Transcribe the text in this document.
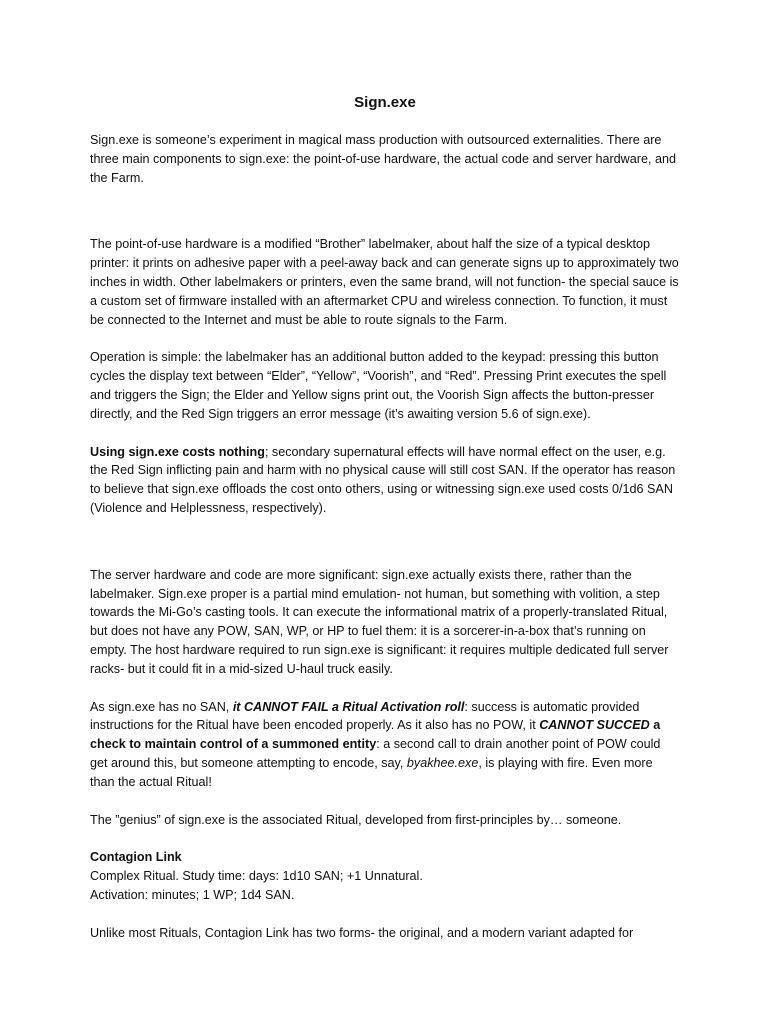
Sign.exe

Sign.exe is someone’s experiment in magical mass production with outsourced externalities. There are three main components to sign.exe: the point-of-use hardware, the actual code and server hardware, and the Farm.

The point-of-use hardware is a modified “Brother” labelmaker, about half the size of a typical desktop printer: it prints on adhesive paper with a peel-away back and can generate signs up to approximately two inches in width. Other labelmakers or printers, even the same brand, will not function- the special sauce is a custom set of firmware installed with an aftermarket CPU and wireless connection. To function, it must be connected to the Internet and must be able to route signals to the Farm.

Operation is simple: the labelmaker has an additional button added to the keypad: pressing this button cycles the display text between “Elder”, “Yellow”, “Voorish”, and “Red”. Pressing Print executes the spell and triggers the Sign; the Elder and Yellow signs print out, the Voorish Sign affects the button-presser directly, and the Red Sign triggers an error message (it’s awaiting version 5.6 of sign.exe).

Using sign.exe costs nothing; secondary supernatural effects will have normal effect on the user, e.g. the Red Sign inflicting pain and harm with no physical cause will still cost SAN. If the operator has reason to believe that sign.exe offloads the cost onto others, using or witnessing sign.exe used costs 0/1d6 SAN (Violence and Helplessness, respectively).

The server hardware and code are more significant: sign.exe actually exists there, rather than the labelmaker. Sign.exe proper is a partial mind emulation- not human, but something with volition, a step towards the Mi-Go’s casting tools. It can execute the informational matrix of a properly-translated Ritual, but does not have any POW, SAN, WP, or HP to fuel them: it is a sorcerer-in-a-box that’s running on empty. The host hardware required to run sign.exe is significant: it requires multiple dedicated full server racks- but it could fit in a mid-sized U-haul truck easily.

As sign.exe has no SAN, it CANNOT FAIL a Ritual Activation roll: success is automatic provided instructions for the Ritual have been encoded properly. As it also has no POW, it CANNOT SUCCED a check to maintain control of a summoned entity: a second call to drain another point of POW could get around this, but someone attempting to encode, say, byakhee.exe, is playing with fire. Even more than the actual Ritual!

The ”genius” of sign.exe is the associated Ritual, developed from first-principles by… someone.

Contagion Link

Complex Ritual. Study time: days: 1d10 SAN; +1 Unnatural.

Activation: minutes; 1 WP; 1d4 SAN.

Unlike most Rituals, Contagion Link has two forms- the original, and a modern variant adapted for
